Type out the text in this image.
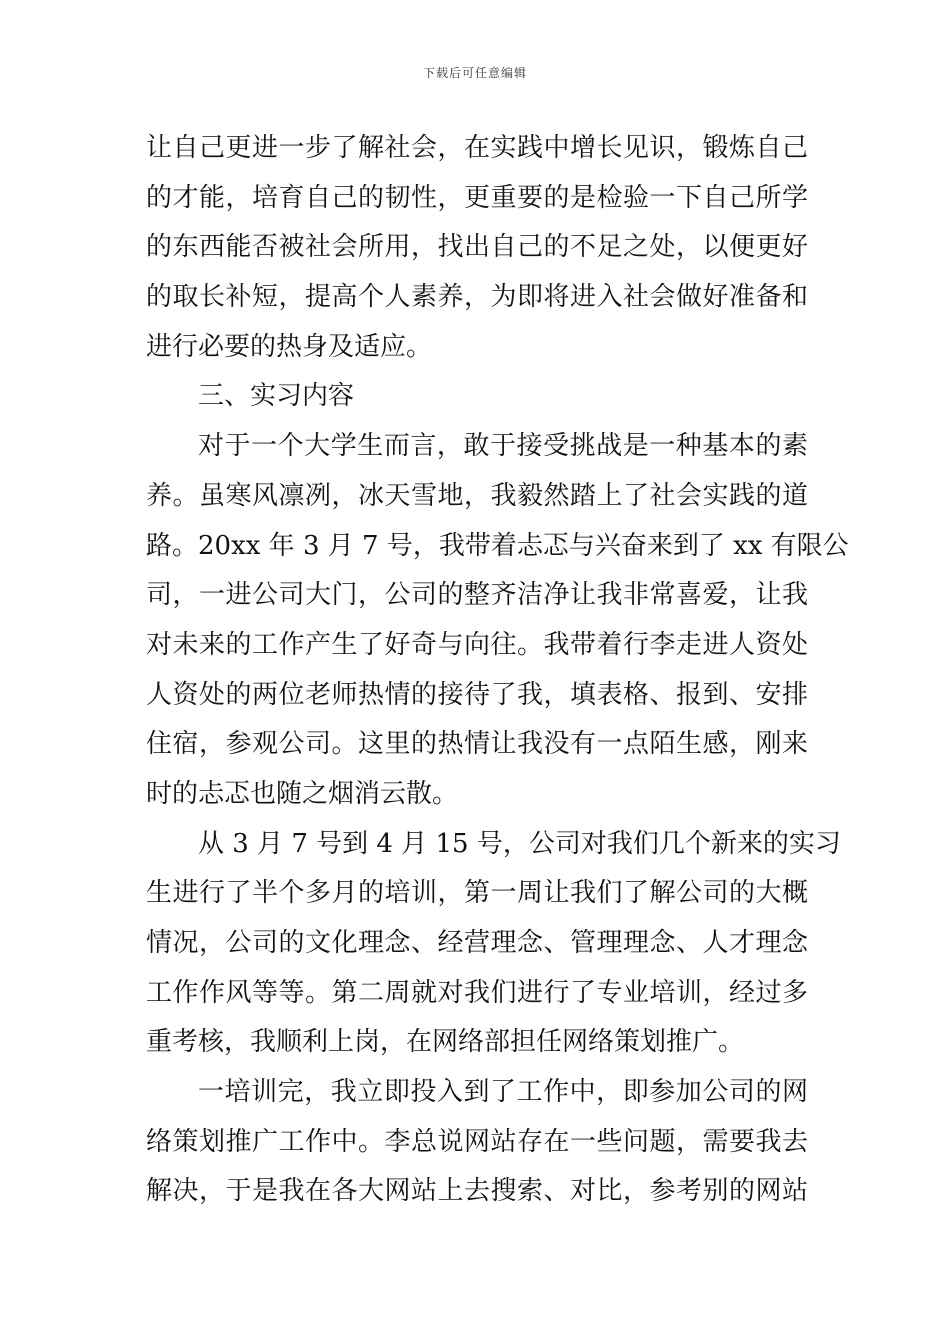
下载后可任意编辑
让自己更进一步了解社会，在实践中增长见识，锻炼自己
的才能，培育自己的韧性，更重要的是检验一下自己所学
的东西能否被社会所用，找出自己的不足之处，以便更好
的取长补短，提高个人素养，为即将进入社会做好准备和
进行必要的热身及适应。
三、实习内容
对于一个大学生而言，敢于接受挑战是一种基本的素
养。虽寒风凛冽，冰天雪地，我毅然踏上了社会实践的道
路。20xx 年 3 月 7 号，我带着忐忑与兴奋来到了 xx 有限公
司，一进公司大门，公司的整齐洁净让我非常喜爱，让我
对未来的工作产生了好奇与向往。我带着行李走进人资处
人资处的两位老师热情的接待了我，填表格、报到、安排
住宿，参观公司。这里的热情让我没有一点陌生感，刚来
时的忐忑也随之烟消云散。
从 3 月 7 号到 4 月 15 号，公司对我们几个新来的实习
生进行了半个多月的培训，第一周让我们了解公司的大概
情况，公司的文化理念、经营理念、管理理念、人才理念
工作作风等等。第二周就对我们进行了专业培训，经过多
重考核，我顺利上岗，在网络部担任网络策划推广。
一培训完，我立即投入到了工作中，即参加公司的网
络策划推广工作中。李总说网站存在一些问题，需要我去
解决，于是我在各大网站上去搜索、对比，参考别的网站
